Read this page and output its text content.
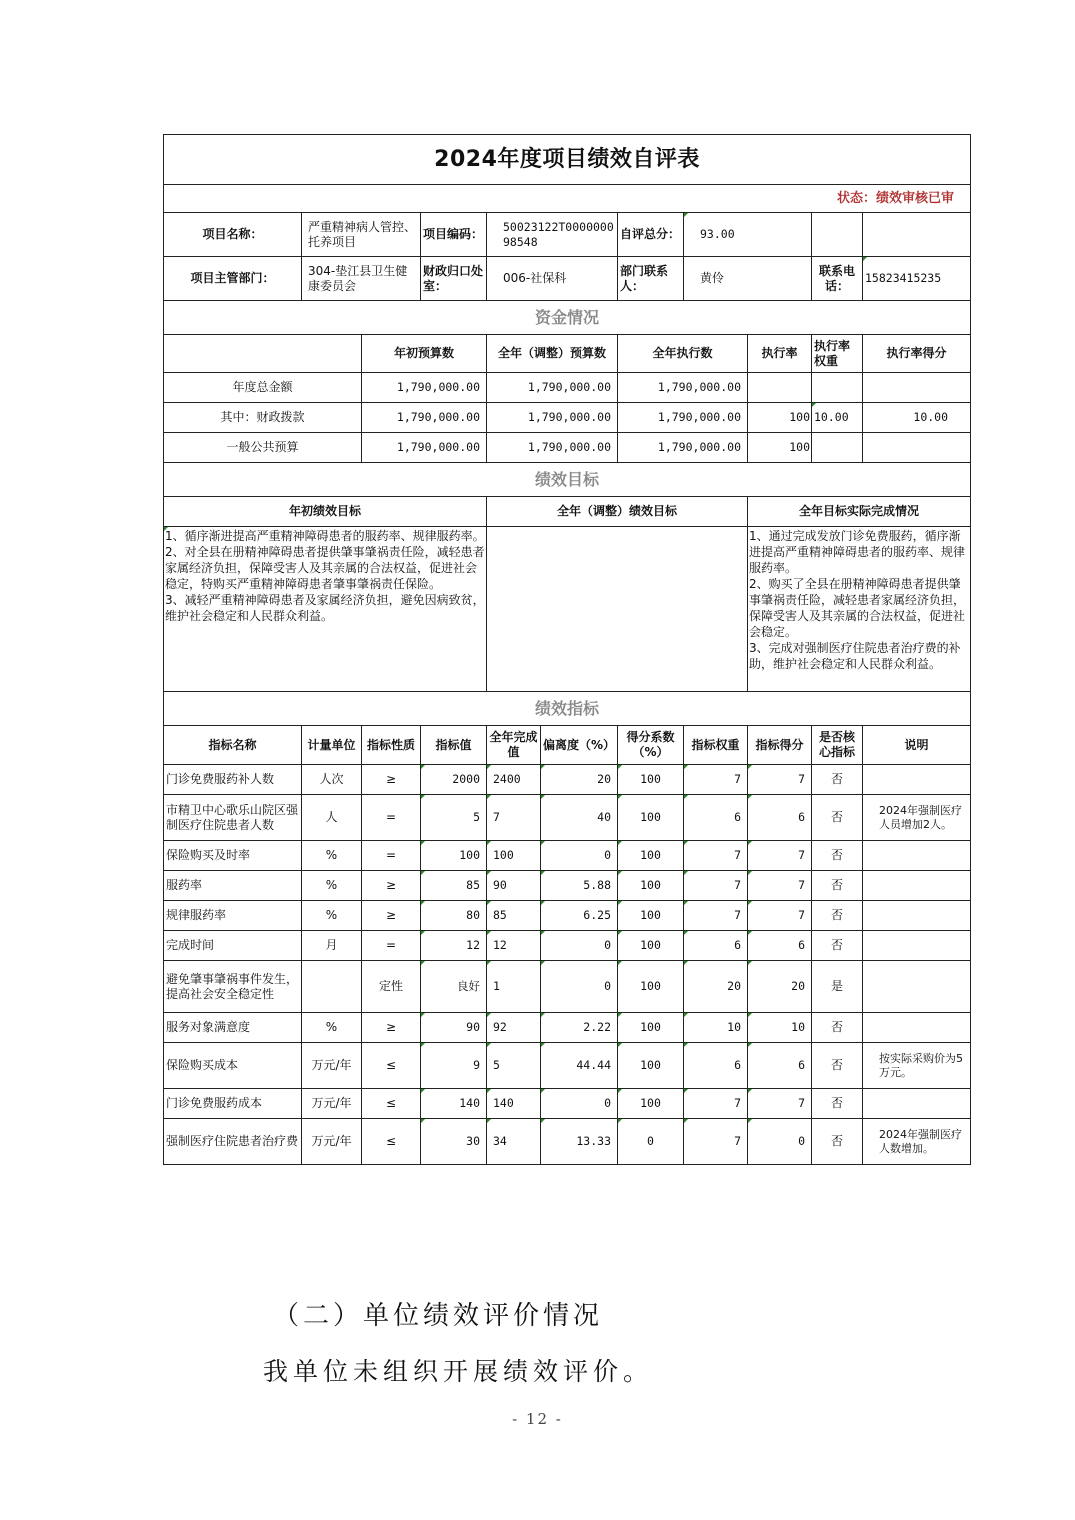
2024年度项目绩效自评表										
状态：绩效审核已审										
项目名称：	严重精神病人管控、托养项目		项目编码：	50023122T000000098548		自评总分：	93.00			
项目主管部门：	304-垫江县卫生健康委员会		财政归口处室：	006-社保科		部门联系人：	黄伶		联系电话：	15823415235
资金情况										
		年初预算数		全年（调整）预算数		全年执行数		执行率	执行率权重	执行率得分
年度总金额		1,790,000.00		1,790,000.00		1,790,000.00				
其中：财政拨款		1,790,000.00		1,790,000.00		1,790,000.00		100	10.00	10.00
一般公共预算		1,790,000.00		1,790,000.00		1,790,000.00		100		
绩效目标										
年初绩效目标				全年（调整）绩效目标				全年目标实际完成情况		

1、循序渐进提高严重精神障碍患者的服药率、规律服药率。
2、对全县在册精神障碍患者提供肇事肇祸责任险，减轻患者家属经济负担，保障受害人及其亲属的合法权益，促进社会稳定，特购买严重精神障碍患者肇事肇祸责任保险。
3、减轻严重精神障碍患者及家属经济负担，避免因病致贫，维护社会稳定和人民群众利益。								1、通过完成发放门诊免费服药，循序渐进提高严重精神障碍患者的服药率、规律服药率。
2、购买了全县在册精神障碍患者提供肇事肇祸责任险，减轻患者家属经济负担，保障受害人及其亲属的合法权益，促进社会稳定。
3、完成对强制医疗住院患者治疗费的补助，维护社会稳定和人民群众利益。		

绩效指标										
指标名称	计量单位	指标性质	指标值	全年完成值	偏离度（%）	得分系数（%）	指标权重	指标得分	是否核心指标	说明
门诊免费服药补人数	人次	≥	2000	2400	20	100	7	7	否	
市精卫中心歌乐山院区强制医疗住院患者人数	人	=	5	7	40	100	6	6	否	2024年强制医疗人员增加2人。
保险购买及时率	%	=	100	100	0	100	7	7	否	
服药率	%	≥	85	90	5.88	100	7	7	否	
规律服药率	%	≥	80	85	6.25	100	7	7	否	
完成时间	月	=	12	12	0	100	6	6	否	
避免肇事肇祸事件发生，提高社会安全稳定性		定性	良好	1	0	100	20	20	是	
服务对象满意度	%	≥	90	92	2.22	100	10	10	否	
保险购买成本	万元/年	≤	9	5	44.44	100	6	6	否	按实际采购价为5万元。
门诊免费服药成本	万元/年	≤	140	140	0	100	7	7	否	
强制医疗住院患者治疗费	万元/年	≤	30	34	13.33	0	7	0	否	2024年强制医疗人数增加。
（二）单位绩效评价情况
我单位未组织开展绩效评价。
- 12 -
